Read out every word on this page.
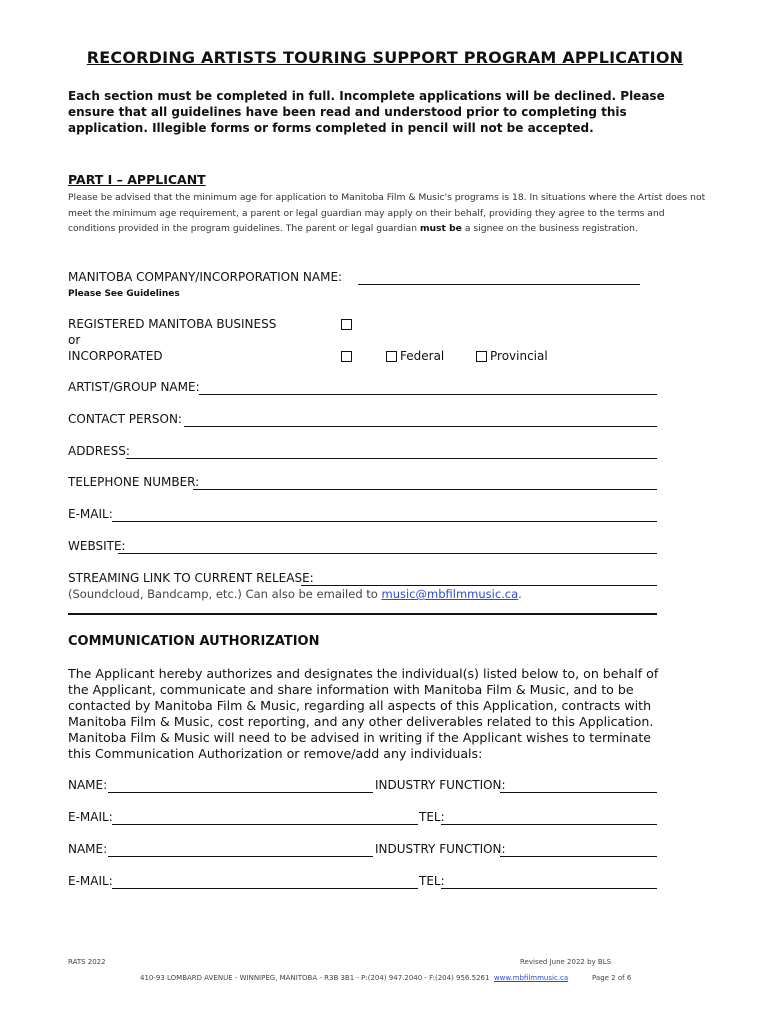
RECORDING ARTISTS TOURING SUPPORT PROGRAM APPLICATION
Each section must be completed in full. Incomplete applications will be declined. Please ensure that all guidelines have been read and understood prior to completing this application. Illegible forms or forms completed in pencil will not be accepted.
PART I – APPLICANT
Please be advised that the minimum age for application to Manitoba Film & Music's programs is 18. In situations where the Artist does not meet the minimum age requirement, a parent or legal guardian may apply on their behalf, providing they agree to the terms and conditions provided in the program guidelines. The parent or legal guardian must be a signee on the business registration.
MANITOBA COMPANY/INCORPORATION NAME:
Please See Guidelines
REGISTERED MANITOBA BUSINESS
or
INCORPORATED	Federal	Provincial
ARTIST/GROUP NAME:
CONTACT PERSON:
ADDRESS:
TELEPHONE NUMBER:
E-MAIL:
WEBSITE:
STREAMING LINK TO CURRENT RELEASE:
(Soundcloud, Bandcamp, etc.) Can also be emailed to music@mbfilmmusic.ca.
COMMUNICATION AUTHORIZATION
The Applicant hereby authorizes and designates the individual(s) listed below to, on behalf of the Applicant, communicate and share information with Manitoba Film & Music, and to be contacted by Manitoba Film & Music, regarding all aspects of this Application, contracts with Manitoba Film & Music, cost reporting, and any other deliverables related to this Application. Manitoba Film & Music will need to be advised in writing if the Applicant wishes to terminate this Communication Authorization or remove/add any individuals:
NAME:	INDUSTRY FUNCTION:
E-MAIL:	TEL:
NAME:	INDUSTRY FUNCTION:
E-MAIL:	TEL:
RATS 2022	Revised June 2022 by BLS
410-93 LOMBARD AVENUE - WINNIPEG, MANITOBA - R3B 3B1 - P:(204) 947.2040 - F:(204) 956.5261 www.mbfilmmusic.ca	Page 2 of 6
